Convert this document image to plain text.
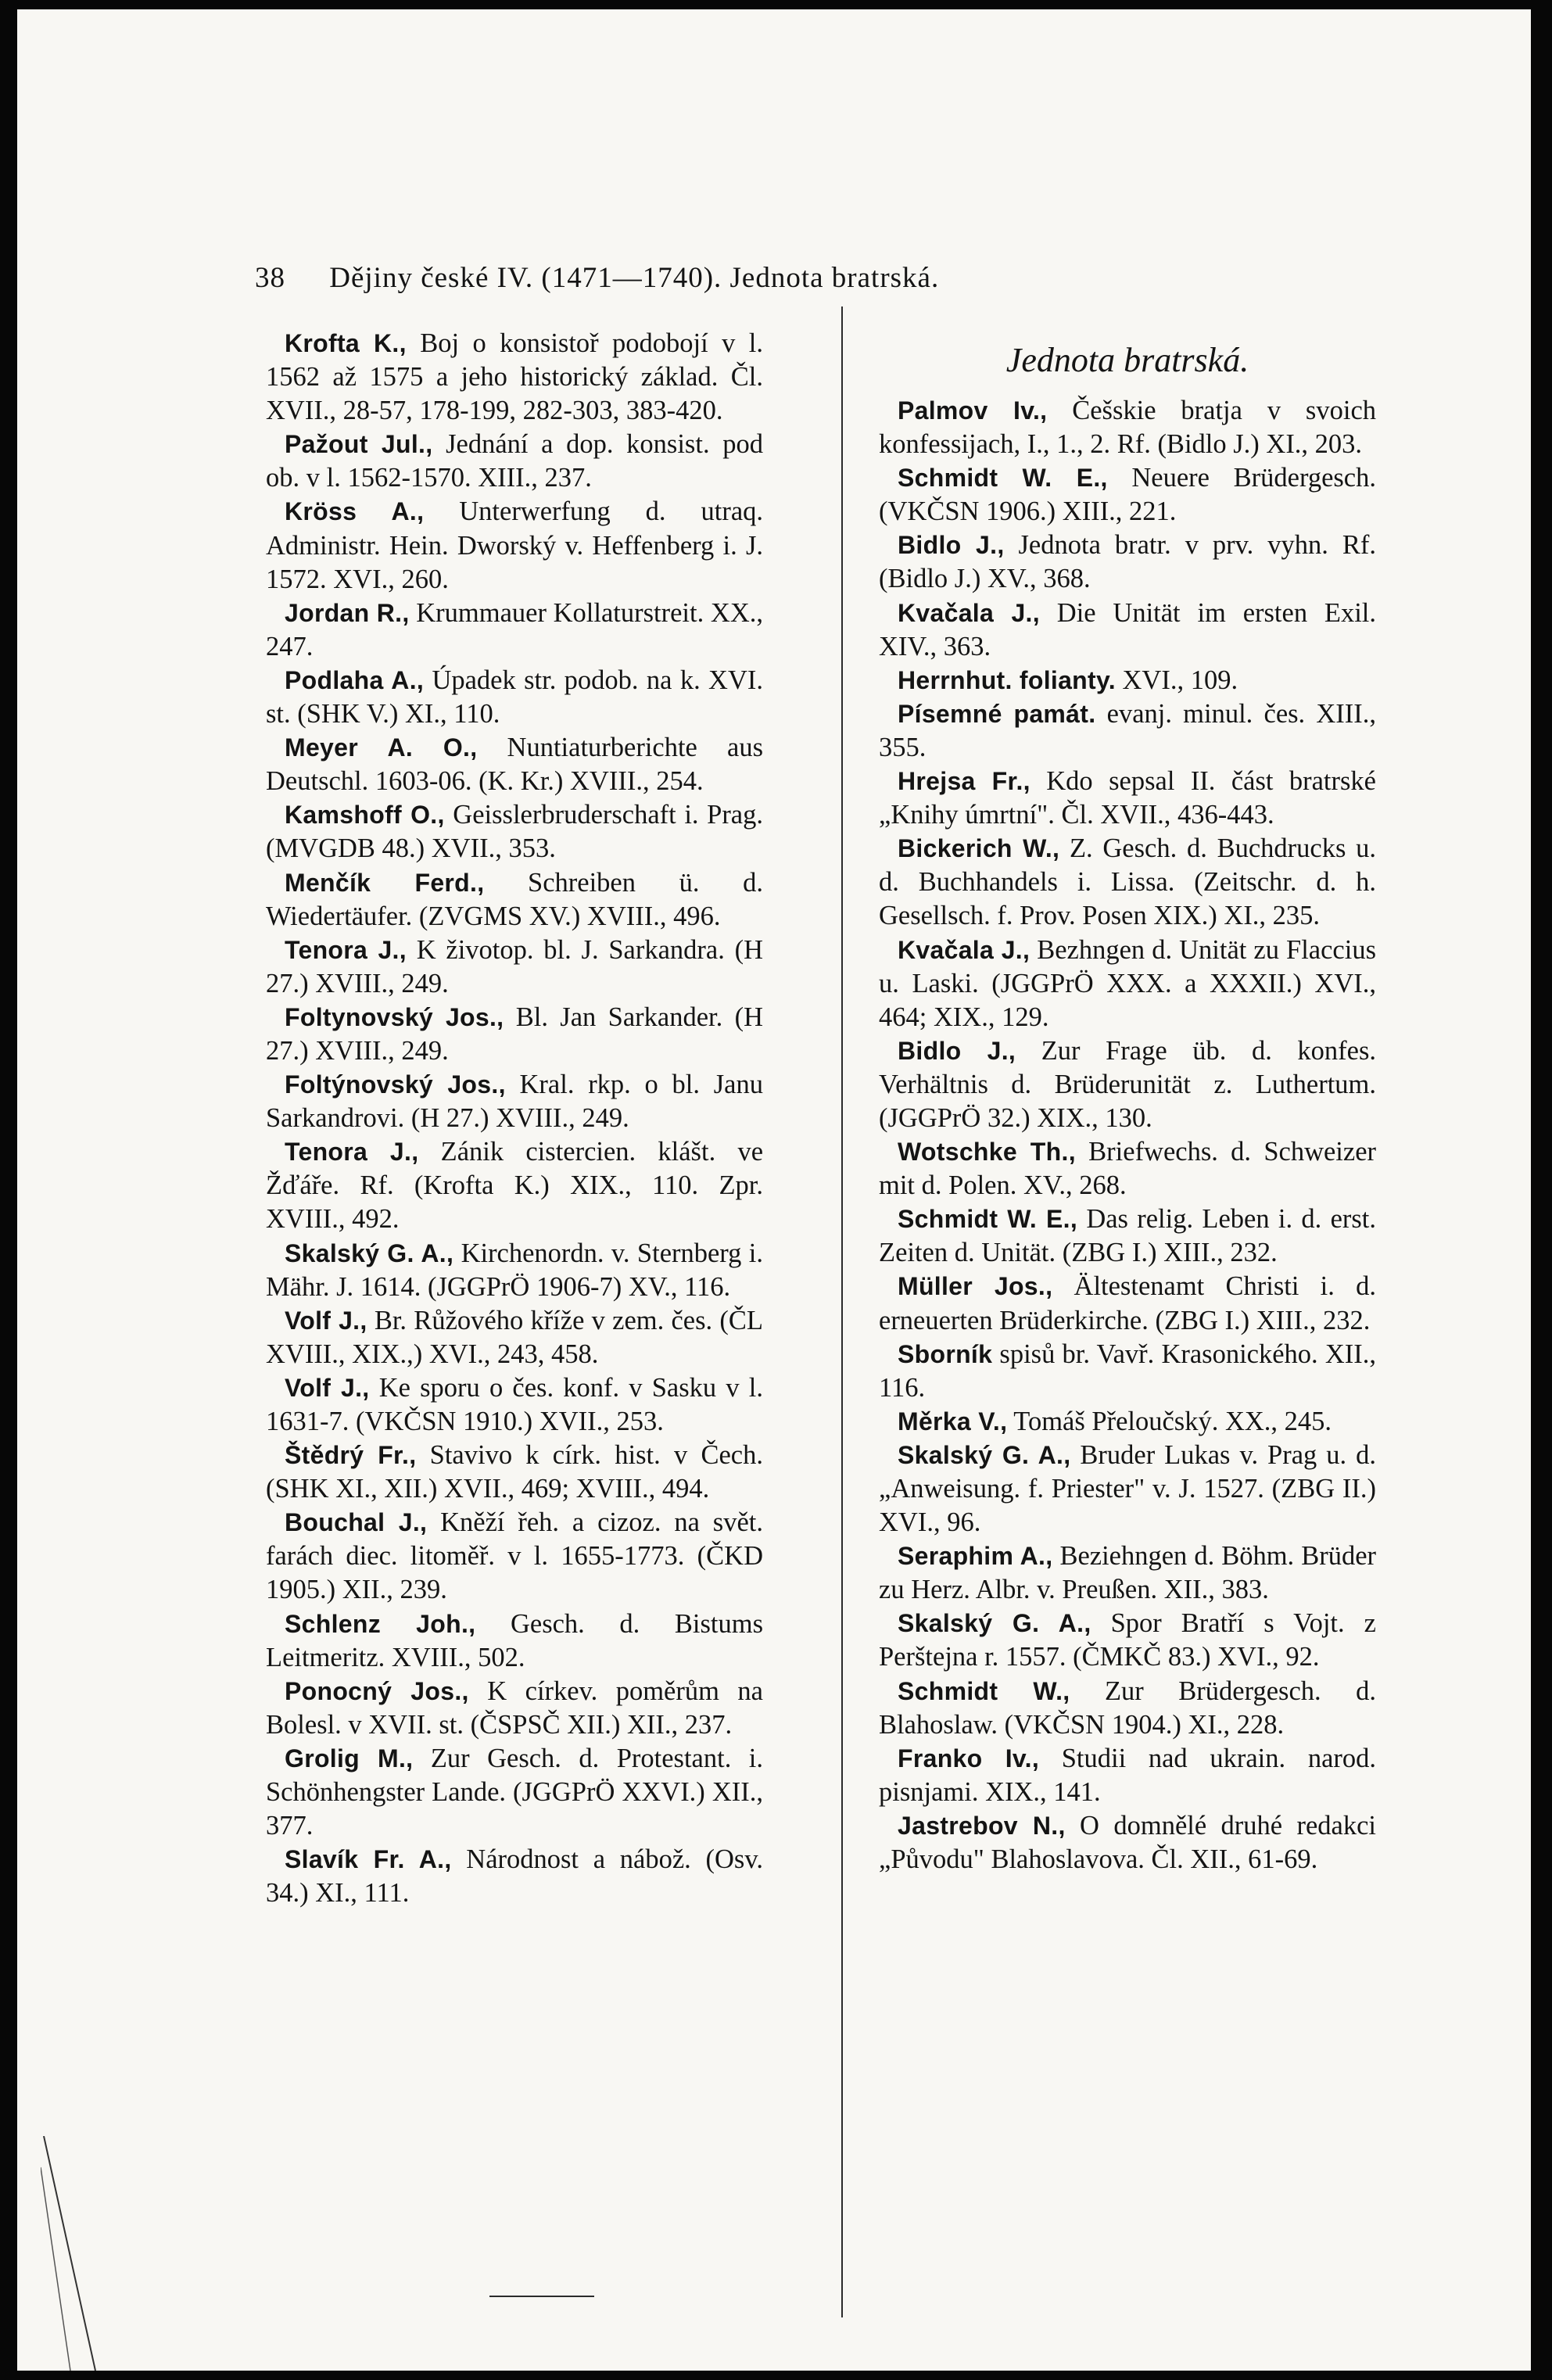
38 Dějiny české IV. (1471—1740). Jednota bratrská.

Krofta K., Boj o konsistoř podobojí v l. 1562 až 1575 a jeho historický základ. Čl. XVII., 28-57, 178-199, 282-303, 383-420.

Pažout Jul., Jednání a dop. konsist. pod ob. v l. 1562-1570. XIII., 237.

Kröss A., Unterwerfung d. utraq. Administr. Hein. Dworský v. Heffenberg i. J. 1572. XVI., 260.

Jordan R., Krummauer Kollaturstreit. XX., 247.

Podlaha A., Úpadek str. podob. na k. XVI. st. (SHK V.) XI., 110.

Meyer A. O., Nuntiaturberichte aus Deutschl. 1603-06. (K. Kr.) XVIII., 254.

Kamshoff O., Geisslerbruderschaft i. Prag. (MVGDB 48.) XVII., 353.

Menčík Ferd., Schreiben ü. d. Wiedertäufer. (ZVGMS XV.) XVIII., 496.

Tenora J., K životop. bl. J. Sarkandra. (H 27.) XVIII., 249.

Foltynovský Jos., Bl. Jan Sarkander. (H 27.) XVIII., 249.

Foltýnovský Jos., Kral. rkp. o bl. Janu Sarkandrovi. (H 27.) XVIII., 249.

Tenora J., Zánik cistercien. klášt. ve Žďáře. Rf. (Krofta K.) XIX., 110. Zpr. XVIII., 492.

Skalský G. A., Kirchenordn. v. Sternberg i. Mähr. J. 1614. (JGGPrÖ 1906-7) XV., 116.

Volf J., Br. Růžového kříže v zem. čes. (ČL XVIII., XIX.,) XVI., 243, 458.

Volf J., Ke sporu o čes. konf. v Sasku v l. 1631-7. (VKČSN 1910.) XVII., 253.

Štědrý Fr., Stavivo k círk. hist. v Čech. (SHK XI., XII.) XVII., 469; XVIII., 494.

Bouchal J., Kněží řeh. a cizoz. na svět. farách diec. litoměř. v l. 1655-1773. (ČKD 1905.) XII., 239.

Schlenz Joh., Gesch. d. Bistums Leitmeritz. XVIII., 502.

Ponocný Jos., K církev. poměrům na Bolesl. v XVII. st. (ČSPSČ XII.) XII., 237.

Grolig M., Zur Gesch. d. Protestant. i. Schönhengster Lande. (JGGPrÖ XXVI.) XII., 377.

Slavík Fr. A., Národnost a nábož. (Osv. 34.) XI., 111.

Jednota bratrská.

Palmov Iv., Češskie bratja v svoich konfessijach, I., 1., 2. Rf. (Bidlo J.) XI., 203.

Schmidt W. E., Neuere Brüdergesch. (VKČSN 1906.) XIII., 221.

Bidlo J., Jednota bratr. v prv. vyhn. Rf. (Bidlo J.) XV., 368.

Kvačala J., Die Unität im ersten Exil. XIV., 363.

Herrnhut. folianty. XVI., 109.

Písemné památ. evanj. minul. čes. XIII., 355.

Hrejsa Fr., Kdo sepsal II. část bratrské „Knihy úmrtní". Čl. XVII., 436-443.

Bickerich W., Z. Gesch. d. Buchdrucks u. d. Buchhandels i. Lissa. (Zeitschr. d. h. Gesellsch. f. Prov. Posen XIX.) XI., 235.

Kvačala J., Bezhngen d. Unität zu Flaccius u. Laski. (JGGPrÖ XXX. a XXXII.) XVI., 464; XIX., 129.

Bidlo J., Zur Frage üb. d. konfes. Verhältnis d. Brüderunität z. Luthertum. (JGGPrÖ 32.) XIX., 130.

Wotschke Th., Briefwechs. d. Schweizer mit d. Polen. XV., 268.

Schmidt W. E., Das relig. Leben i. d. erst. Zeiten d. Unität. (ZBG I.) XIII., 232.

Müller Jos., Ältestenamt Christi i. d. erneuerten Brüderkirche. (ZBG I.) XIII., 232.

Sborník spisů br. Vavř. Krasonického. XII., 116.

Měrka V., Tomáš Přeloučský. XX., 245.

Skalský G. A., Bruder Lukas v. Prag u. d. „Anweisung. f. Priester" v. J. 1527. (ZBG II.) XVI., 96.

Seraphim A., Beziehngen d. Böhm. Brüder zu Herz. Albr. v. Preußen. XII., 383.

Skalský G. A., Spor Bratří s Vojt. z Perštejna r. 1557. (ČMKČ 83.) XVI., 92.

Schmidt W., Zur Brüdergesch. d. Blahoslaw. (VKČSN 1904.) XI., 228.

Franko Iv., Studii nad ukrain. narod. pisnjami. XIX., 141.

Jastrebov N., O domnělé druhé redakci „Původu" Blahoslavova. Čl. XII., 61-69.
